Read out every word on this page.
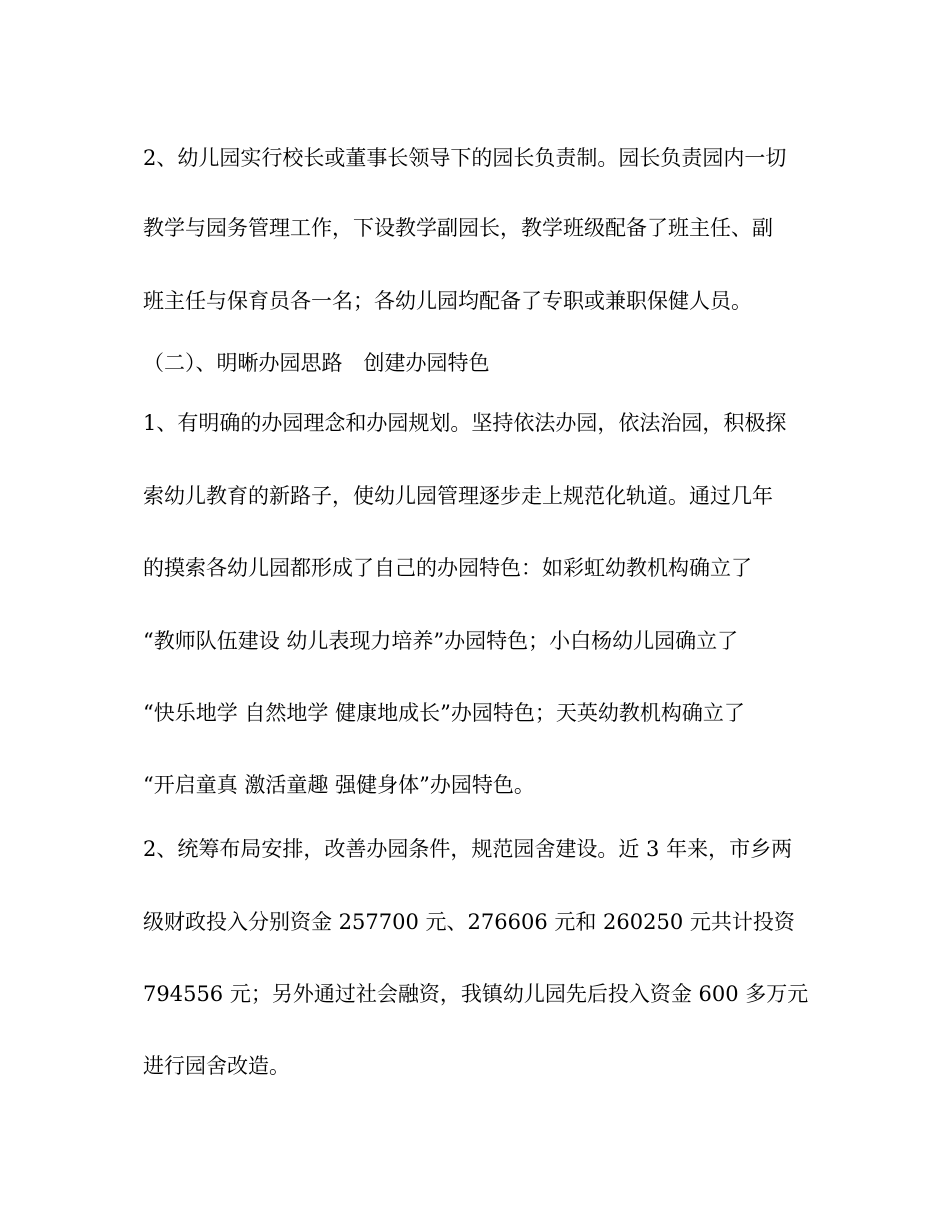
2、幼儿园实行校长或董事长领导下的园长负责制。园长负责园内一切
教学与园务管理工作，下设教学副园长，教学班级配备了班主任、副
班主任与保育员各一名；各幼儿园均配备了专职或兼职保健人员。
（二）、明晰办园思路　创建办园特色
1、有明确的办园理念和办园规划。坚持依法办园，依法治园，积极探
索幼儿教育的新路子，使幼儿园管理逐步走上规范化轨道。通过几年
的摸索各幼儿园都形成了自己的办园特色：如彩虹幼教机构确立了
“教师队伍建设 幼儿表现力培养”办园特色；小白杨幼儿园确立了
“快乐地学 自然地学 健康地成长”办园特色；天英幼教机构确立了
“开启童真 激活童趣 强健身体”办园特色。
2、统筹布局安排，改善办园条件，规范园舍建设。近 3 年来，市乡两
级财政投入分别资金 257700 元、276606 元和 260250 元共计投资
794556 元；另外通过社会融资，我镇幼儿园先后投入资金 600 多万元
进行园舍改造。
